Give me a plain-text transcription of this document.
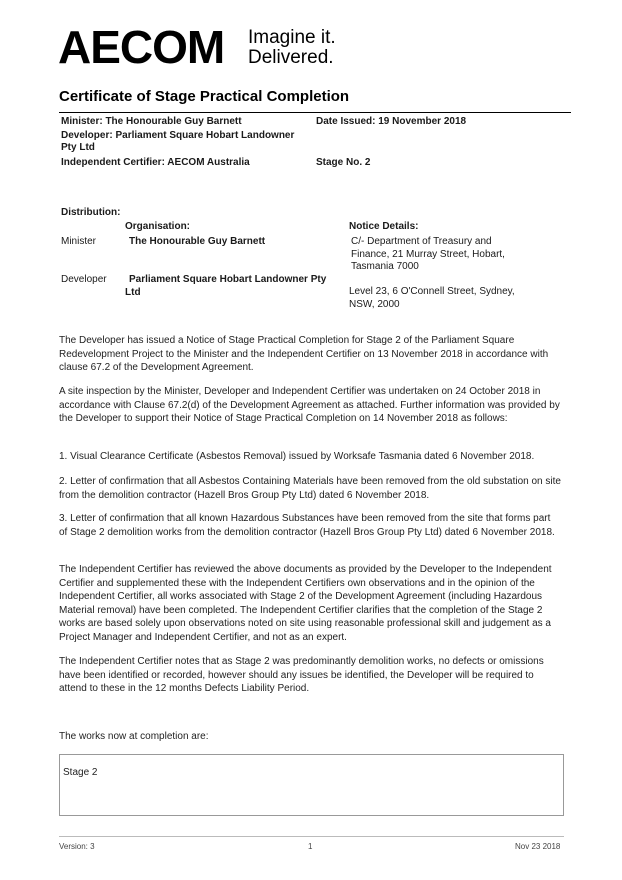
AECOM Imagine it.
Delivered.
Certificate of Stage Practical Completion
Minister: The Honourable Guy Barnett	Date Issued: 19 November 2018
Developer: Parliament Square Hobart Landowner
Pty Ltd
Independent Certifier: AECOM Australia	Stage No. 2
Distribution:
Organisation:	Notice Details:
Minister	The Honourable Guy Barnett	C/- Department of Treasury and
Finance, 21 Murray Street, Hobart,
Tasmania 7000
Developer	Parliament Square Hobart Landowner Pty
Ltd	Level 23, 6 O'Connell Street, Sydney,
NSW, 2000
The Developer has issued a Notice of Stage Practical Completion for Stage 2 of the Parliament Square Redevelopment Project to the Minister and the Independent Certifier on 13 November 2018 in accordance with clause 67.2 of the Development Agreement.
A site inspection by the Minister, Developer and Independent Certifier was undertaken on 24 October 2018 in accordance with Clause 67.2(d) of the Development Agreement as attached. Further information was provided by the Developer to support their Notice of Stage Practical Completion on 14 November 2018 as follows:
1. Visual Clearance Certificate (Asbestos Removal) issued by Worksafe Tasmania dated 6 November 2018.
2. Letter of confirmation that all Asbestos Containing Materials have been removed from the old substation on site from the demolition contractor (Hazell Bros Group Pty Ltd) dated 6 November 2018.
3. Letter of confirmation that all known Hazardous Substances have been removed from the site that forms part of Stage 2 demolition works from the demolition contractor (Hazell Bros Group Pty Ltd) dated 6 November 2018.
The Independent Certifier has reviewed the above documents as provided by the Developer to the Independent Certifier and supplemented these with the Independent Certifiers own observations and in the opinion of the Independent Certifier, all works associated with Stage 2 of the Development Agreement (including Hazardous Material removal) have been completed. The Independent Certifier clarifies that the completion of the Stage 2 works are based solely upon observations noted on site using reasonable professional skill and judgement as a Project Manager and Independent Certifier, and not as an expert.
The Independent Certifier notes that as Stage 2 was predominantly demolition works, no defects or omissions have been identified or recorded, however should any issues be identified, the Developer will be required to attend to these in the 12 months Defects Liability Period.
The works now at completion are:
Stage 2
Version: 3	1	Nov 23 2018
